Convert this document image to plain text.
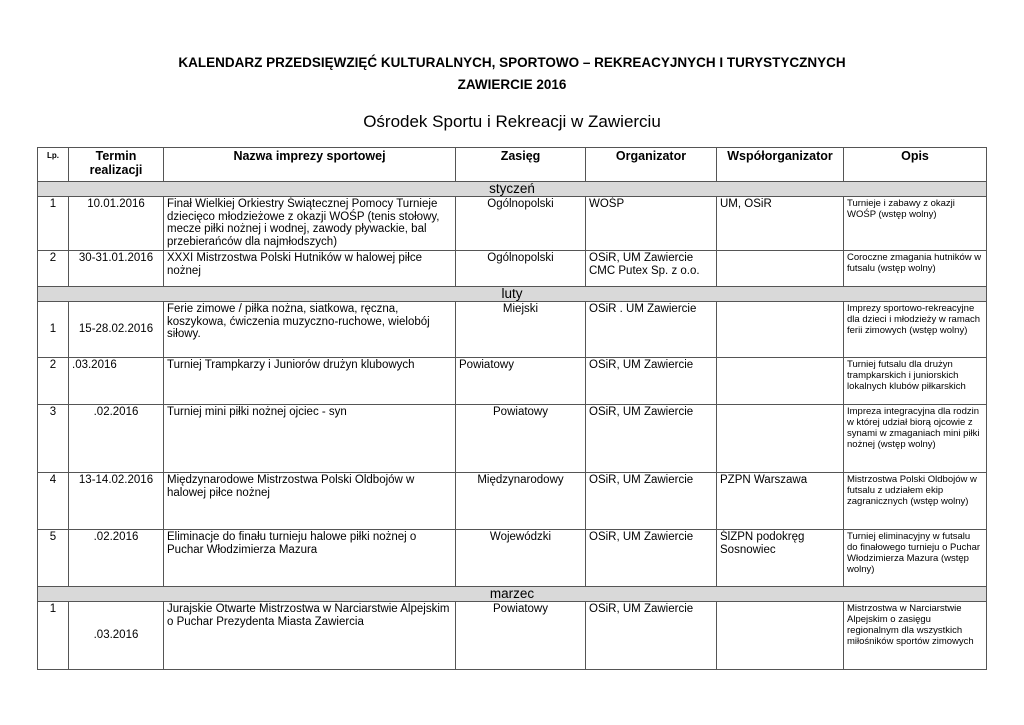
KALENDARZ PRZEDSIĘWZIĘĆ KULTURALNYCH, SPORTOWO – REKREACYJNYCH I TURYSTYCZNYCH
ZAWIERCIE 2016
Ośrodek Sportu i Rekreacji w Zawierciu
Lp.	Termin realizacji	Nazwa imprezy sportowej	Zasięg	Organizator	Współorganizator	Opis
styczeń						
1	10.01.2016	Finał Wielkiej Orkiestry Świątecznej Pomocy Turnieje dziecięco młodzieżowe z okazji WOŚP (tenis stołowy, mecze piłki nożnej i wodnej, zawody pływackie, bal przebierańców dla najmłodszych)	Ogólnopolski	WOŚP	UM, OSiR	Turnieje i zabawy z okazji WOŚP (wstęp wolny)
2	30-31.01.2016	XXXI Mistrzostwa Polski Hutników w halowej piłce nożnej	Ogólnopolski	OSiR, UM Zawiercie CMC Putex Sp. z o.o.		Coroczne zmagania hutników w futsalu (wstęp wolny)
luty						
1	15-28.02.2016	Ferie zimowe / piłka nożna, siatkowa, ręczna, koszykowa, ćwiczenia muzyczno-ruchowe, wielobój siłowy.	Miejski	OSiR . UM Zawiercie		Imprezy sportowo-rekreacyjne dla dzieci i młodzieży w ramach ferii zimowych (wstęp wolny)
2	.03.2016	Turniej Trampkarzy i Juniorów drużyn klubowych	Powiatowy	OSiR, UM Zawiercie		Turniej futsalu dla drużyn trampkarskich i juniorskich lokalnych klubów piłkarskich
3	.02.2016	Turniej mini piłki nożnej ojciec - syn	Powiatowy	OSiR, UM Zawiercie		Impreza integracyjna dla rodzin w której udział biorą ojcowie z synami w zmaganiach mini piłki nożnej (wstęp wolny)
4	13-14.02.2016	Międzynarodowe Mistrzostwa Polski Oldbojów w halowej piłce nożnej	Międzynarodowy	OSiR, UM Zawiercie	PZPN Warszawa	Mistrzostwa Polski Oldbojów w futsalu z udziałem ekip zagranicznych (wstęp wolny)
5	.02.2016	Eliminacje do finału turnieju halowe piłki nożnej o Puchar Włodzimierza Mazura	Wojewódzki	OSiR, UM Zawiercie	ŚlZPN podokręg Sosnowiec	Turniej eliminacyjny w futsalu do finałowego turnieju o Puchar Włodzimierza Mazura (wstęp wolny)
marzec						
1	.03.2016	Jurajskie Otwarte Mistrzostwa w Narciarstwie Alpejskim o Puchar Prezydenta Miasta Zawiercia	Powiatowy	OSiR, UM Zawiercie		Mistrzostwa w Narciarstwie Alpejskim o zasięgu regionalnym dla wszystkich miłośników sportów zimowych
